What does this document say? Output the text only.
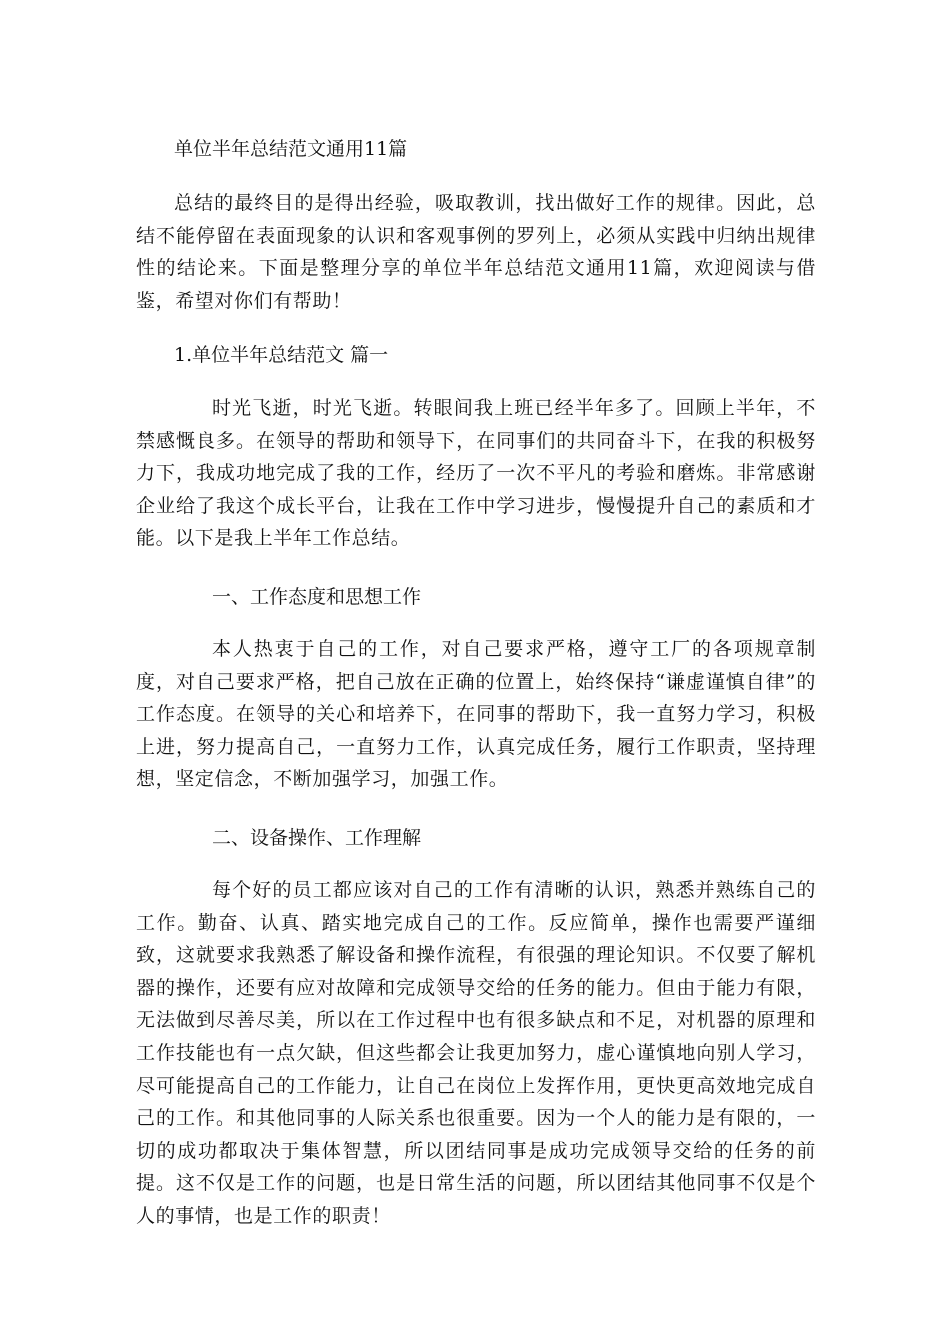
单位半年总结范文通用11篇

总结的最终目的是得出经验，吸取教训，找出做好工作的规律。因此，总结不能停留在表面现象的认识和客观事例的罗列上，必须从实践中归纳出规律性的结论来。下面是整理分享的单位半年总结范文通用11篇，欢迎阅读与借鉴，希望对你们有帮助！

1.单位半年总结范文 篇一

时光飞逝，时光飞逝。转眼间我上班已经半年多了。回顾上半年，不禁感慨良多。在领导的帮助和领导下，在同事们的共同奋斗下，在我的积极努力下，我成功地完成了我的工作，经历了一次不平凡的考验和磨炼。非常感谢企业给了我这个成长平台，让我在工作中学习进步，慢慢提升自己的素质和才能。以下是我上半年工作总结。

一、工作态度和思想工作

本人热衷于自己的工作，对自己要求严格，遵守工厂的各项规章制度，对自己要求严格，把自己放在正确的位置上，始终保持“谦虚谨慎自律”的工作态度。在领导的关心和培养下，在同事的帮助下，我一直努力学习，积极上进，努力提高自己，一直努力工作，认真完成任务，履行工作职责，坚持理想，坚定信念，不断加强学习，加强工作。

二、设备操作、工作理解

每个好的员工都应该对自己的工作有清晰的认识，熟悉并熟练自己的工作。勤奋、认真、踏实地完成自己的工作。反应简单，操作也需要严谨细致，这就要求我熟悉了解设备和操作流程，有很强的理论知识。不仅要了解机器的操作，还要有应对故障和完成领导交给的任务的能力。但由于能力有限，无法做到尽善尽美，所以在工作过程中也有很多缺点和不足，对机器的原理和工作技能也有一点欠缺，但这些都会让我更加努力，虚心谨慎地向别人学习，尽可能提高自己的工作能力，让自己在岗位上发挥作用，更快更高效地完成自己的工作。和其他同事的人际关系也很重要。因为一个人的能力是有限的，一切的成功都取决于集体智慧，所以团结同事是成功完成领导交给的任务的前提。这不仅是工作的问题，也是日常生活的问题，所以团结其他同事不仅是个人的事情，也是工作的职责！
